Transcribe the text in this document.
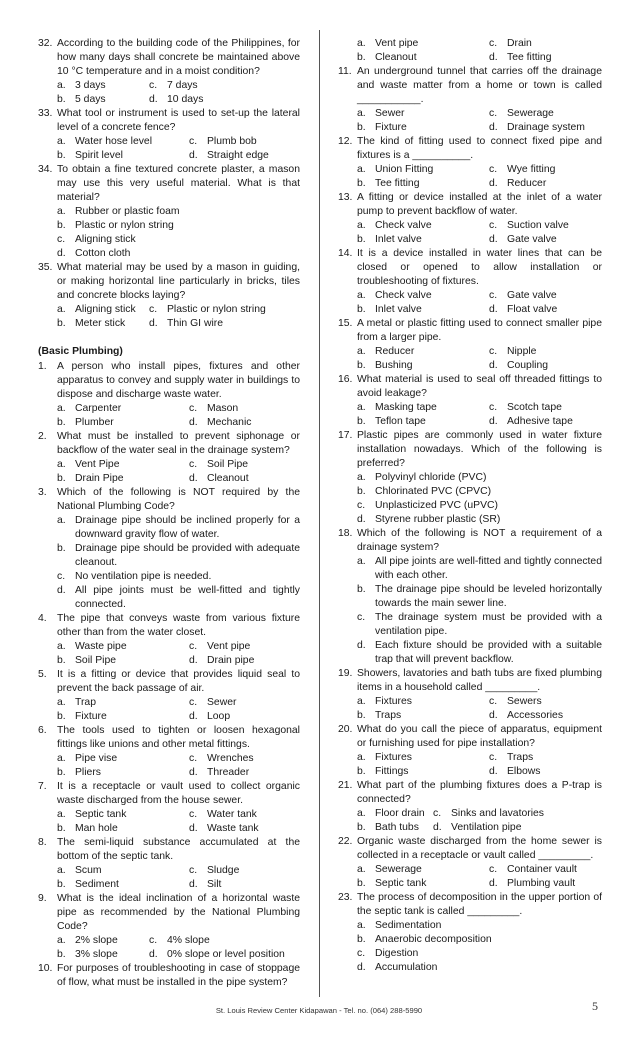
32. According to the building code of the Philippines, for how many days shall concrete be maintained above 10 °C temperature and in a moist condition?
a. 3 days	c. 7 days
b. 5 days	d. 10 days
33. What tool or instrument is used to set-up the lateral level of a concrete fence?
a. Water hose level	c. Plumb bob
b. Spirit level	d. Straight edge
34. To obtain a fine textured concrete plaster, a mason may use this very useful material. What is that material?
a. Rubber or plastic foam
b. Plastic or nylon string
c. Aligning stick
d. Cotton cloth
35. What material may be used by a mason in guiding, or making horizontal line particularly in bricks, tiles and concrete blocks laying?
a. Aligning stick	c. Plastic or nylon string
b. Meter stick	d. Thin GI wire
(Basic Plumbing)
1. A person who install pipes, fixtures and other apparatus to convey and supply water in buildings to dispose and discharge waste water.
a. Carpenter	c. Mason
b. Plumber	d. Mechanic
2. What must be installed to prevent siphonage or backflow of the water seal in the drainage system?
a. Vent Pipe	c. Soil Pipe
b. Drain Pipe	d. Cleanout
3. Which of the following is NOT required by the National Plumbing Code?
a. Drainage pipe should be inclined properly for a downward gravity flow of water.
b. Drainage pipe should be provided with adequate cleanout.
c. No ventilation pipe is needed.
d. All pipe joints must be well-fitted and tightly connected.
4. The pipe that conveys waste from various fixture other than from the water closet.
a. Waste pipe	c. Vent pipe
b. Soil Pipe	d. Drain pipe
5. It is a fitting or device that provides liquid seal to prevent the back passage of air.
a. Trap	c. Sewer
b. Fixture	d. Loop
6. The tools used to tighten or loosen hexagonal fittings like unions and other metal fittings.
a. Pipe vise	c. Wrenches
b. Pliers	d. Threader
7. It is a receptacle or vault used to collect organic waste discharged from the house sewer.
a. Septic tank	c. Water tank
b. Man hole	d. Waste tank
8. The semi-liquid substance accumulated at the bottom of the septic tank.
a. Scum	c. Sludge
b. Sediment	d. Silt
9. What is the ideal inclination of a horizontal waste pipe as recommended by the National Plumbing Code?
a. 2% slope	c. 4% slope
b. 3% slope	d. 0% slope or level position
10. For purposes of troubleshooting in case of stoppage of flow, what must be installed in the pipe system?
a. Vent pipe	c. Drain
b. Cleanout	d. Tee fitting
11. An underground tunnel that carries off the drainage and waste matter from a home or town is called ___________.
a. Sewer	c. Sewerage
b. Fixture	d. Drainage system
12. The kind of fitting used to connect fixed pipe and fixtures is a __________.
a. Union Fitting	c. Wye fitting
b. Tee fitting	d. Reducer
13. A fitting or device installed at the inlet of a water pump to prevent backflow of water.
a. Check valve	c. Suction valve
b. Inlet valve	d. Gate valve
14. It is a device installed in water lines that can be closed or opened to allow installation or troubleshooting of fixtures.
a. Check valve	c. Gate valve
b. Inlet valve	d. Float valve
15. A metal or plastic fitting used to connect smaller pipe from a larger pipe.
a. Reducer	c. Nipple
b. Bushing	d. Coupling
16. What material is used to seal off threaded fittings to avoid leakage?
a. Masking tape	c. Scotch tape
b. Teflon tape	d. Adhesive tape
17. Plastic pipes are commonly used in water fixture installation nowadays. Which of the following is preferred?
a. Polyvinyl chloride (PVC)
b. Chlorinated PVC (CPVC)
c. Unplasticized PVC (uPVC)
d. Styrene rubber plastic (SR)
18. Which of the following is NOT a requirement of a drainage system?
a. All pipe joints are well-fitted and tightly connected with each other.
b. The drainage pipe should be leveled horizontally towards the main sewer line.
c. The drainage system must be provided with a ventilation pipe.
d. Each fixture should be provided with a suitable trap that will prevent backflow.
19. Showers, lavatories and bath tubs are fixed plumbing items in a household called _________.
a. Fixtures	c. Sewers
b. Traps	d. Accessories
20. What do you call the piece of apparatus, equipment or furnishing used for pipe installation?
a. Fixtures	c. Traps
b. Fittings	d. Elbows
21. What part of the plumbing fixtures does a P-trap is connected?
a. Floor drain c. Sinks and lavatories
b. Bath tubs	d. Ventilation pipe
22. Organic waste discharged from the home sewer is collected in a receptacle or vault called _________.
a. Sewerage	c. Container vault
b. Septic tank	d. Plumbing vault
23. The process of decomposition in the upper portion of the septic tank is called _________.
a. Sedimentation
b. Anaerobic decomposition
c. Digestion
d. Accumulation
St. Louis Review Center Kidapawan - Tel. no. (064) 288-5990	5
